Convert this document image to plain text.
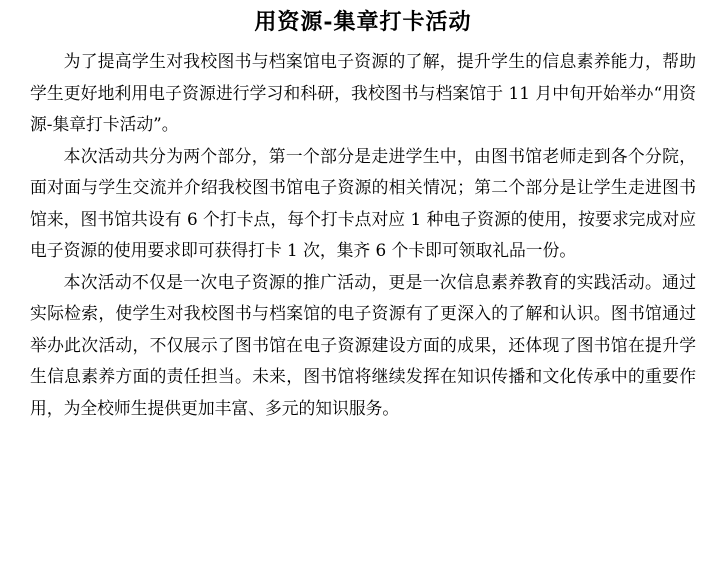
用资源-集章打卡活动

为了提高学生对我校图书与档案馆电子资源的了解，提升学生的信息素养能力，帮助学生更好地利用电子资源进行学习和科研，我校图书与档案馆于 11 月中旬开始举办“用资源-集章打卡活动”。

本次活动共分为两个部分，第一个部分是走进学生中，由图书馆老师走到各个分院，面对面与学生交流并介绍我校图书馆电子资源的相关情况；第二个部分是让学生走进图书馆来，图书馆共设有 6 个打卡点，每个打卡点对应 1 种电子资源的使用，按要求完成对应电子资源的使用要求即可获得打卡 1 次，集齐 6 个卡即可领取礼品一份。

本次活动不仅是一次电子资源的推广活动，更是一次信息素养教育的实践活动。通过实际检索，使学生对我校图书与档案馆的电子资源有了更深入的了解和认识。图书馆通过举办此次活动，不仅展示了图书馆在电子资源建设方面的成果，还体现了图书馆在提升学生信息素养方面的责任担当。未来，图书馆将继续发挥在知识传播和文化传承中的重要作用，为全校师生提供更加丰富、多元的知识服务。
